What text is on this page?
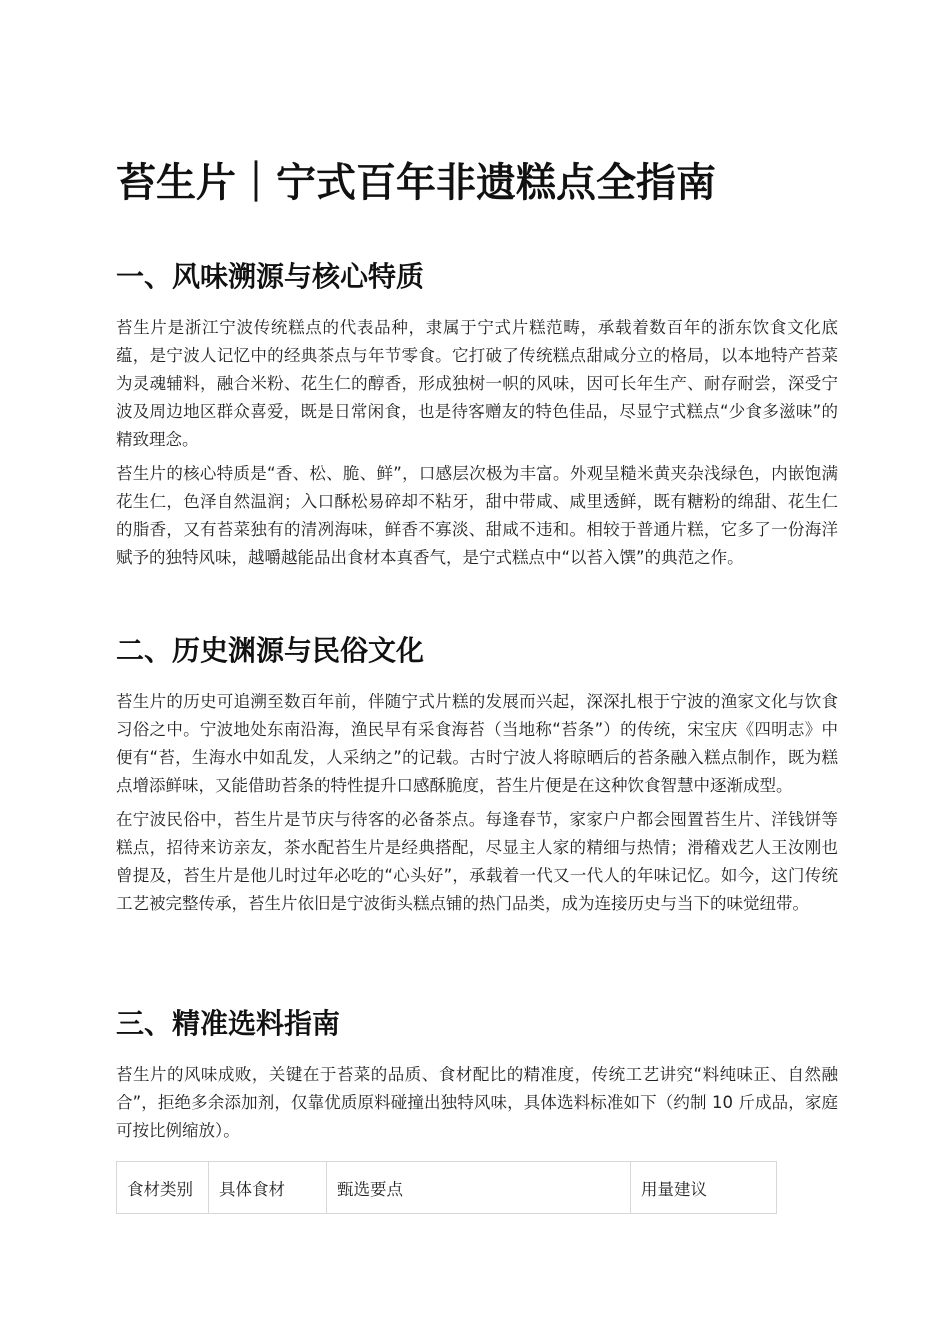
苔生片｜宁式百年非遗糕点全指南
一、风味溯源与核心特质

苔生片是浙江宁波传统糕点的代表品种，隶属于宁式片糕范畴，承载着数百年的浙东饮食文化底蕴，是宁波人记忆中的经典茶点与年节零食。它打破了传统糕点甜咸分立的格局，以本地特产苔菜为灵魂辅料，融合米粉、花生仁的醇香，形成独树一帜的风味，因可长年生产、耐存耐尝，深受宁波及周边地区群众喜爱，既是日常闲食，也是待客赠友的特色佳品，尽显宁式糕点“少食多滋味”的精致理念。

苔生片的核心特质是“香、松、脆、鲜”，口感层次极为丰富。外观呈糙米黄夹杂浅绿色，内嵌饱满花生仁，色泽自然温润；入口酥松易碎却不粘牙，甜中带咸、咸里透鲜，既有糖粉的绵甜、花生仁的脂香，又有苔菜独有的清冽海味，鲜香不寡淡、甜咸不违和。相较于普通片糕，它多了一份海洋赋予的独特风味，越嚼越能品出食材本真香气，是宁式糕点中“以苔入馔”的典范之作。

二、历史渊源与民俗文化

苔生片的历史可追溯至数百年前，伴随宁式片糕的发展而兴起，深深扎根于宁波的渔家文化与饮食习俗之中。宁波地处东南沿海，渔民早有采食海苔（当地称“苔条”）的传统，宋宝庆《四明志》中便有“苔，生海水中如乱发，人采纳之”的记载。古时宁波人将晾晒后的苔条融入糕点制作，既为糕点增添鲜味，又能借助苔条的特性提升口感酥脆度，苔生片便是在这种饮食智慧中逐渐成型。

在宁波民俗中，苔生片是节庆与待客的必备茶点。每逢春节，家家户户都会囤置苔生片、洋钱饼等糕点，招待来访亲友，茶水配苔生片是经典搭配，尽显主人家的精细与热情；滑稽戏艺人王汝刚也曾提及，苔生片是他儿时过年必吃的“心头好”，承载着一代又一代人的年味记忆。如今，这门传统工艺被完整传承，苔生片依旧是宁波街头糕点铺的热门品类，成为连接历史与当下的味觉纽带。

三、精准选料指南

苔生片的风味成败，关键在于苔菜的品质、食材配比的精准度，传统工艺讲究“料纯味正、自然融合”，拒绝多余添加剂，仅靠优质原料碰撞出独特风味，具体选料标准如下（约制 10 斤成品，家庭可按比例缩放）。

食材类别	具体食材	甄选要点	用量建议
